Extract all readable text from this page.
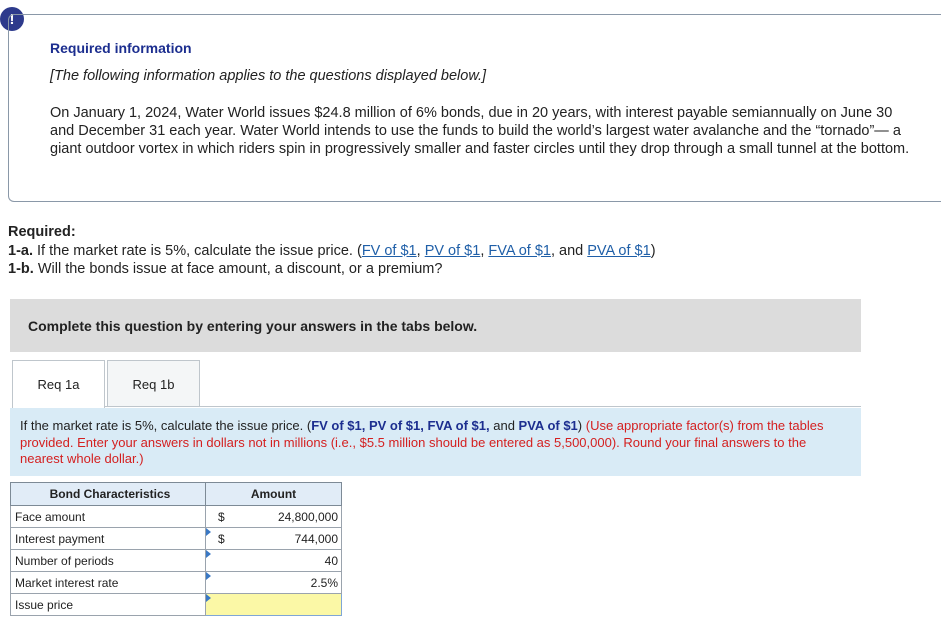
!
Required information
[The following information applies to the questions displayed below.]
On January 1, 2024, Water World issues $24.8 million of 6% bonds, due in 20 years, with interest payable semiannually on June 30 and December 31 each year. Water World intends to use the funds to build the world’s largest water avalanche and the “tornado”— a giant outdoor vortex in which riders spin in progressively smaller and faster circles until they drop through a small tunnel at the bottom.
Required:
1-a. If the market rate is 5%, calculate the issue price. (FV of $1, PV of $1, FVA of $1, and PVA of $1)
1-b. Will the bonds issue at face amount, a discount, or a premium?
Complete this question by entering your answers in the tabs below.
Req 1a	Req 1b
If the market rate is 5%, calculate the issue price. (FV of $1, PV of $1, FVA of $1, and PVA of $1) (Use appropriate factor(s) from the tables provided. Enter your answers in dollars not in millions (i.e., $5.5 million should be entered as 5,500,000). Round your final answers to the nearest whole dollar.)
Bond Characteristics	Amount
Face amount	$ 24,800,000

Interest payment	$ 744,000

Number of periods	40

Market interest rate	2.5%

Issue price	
